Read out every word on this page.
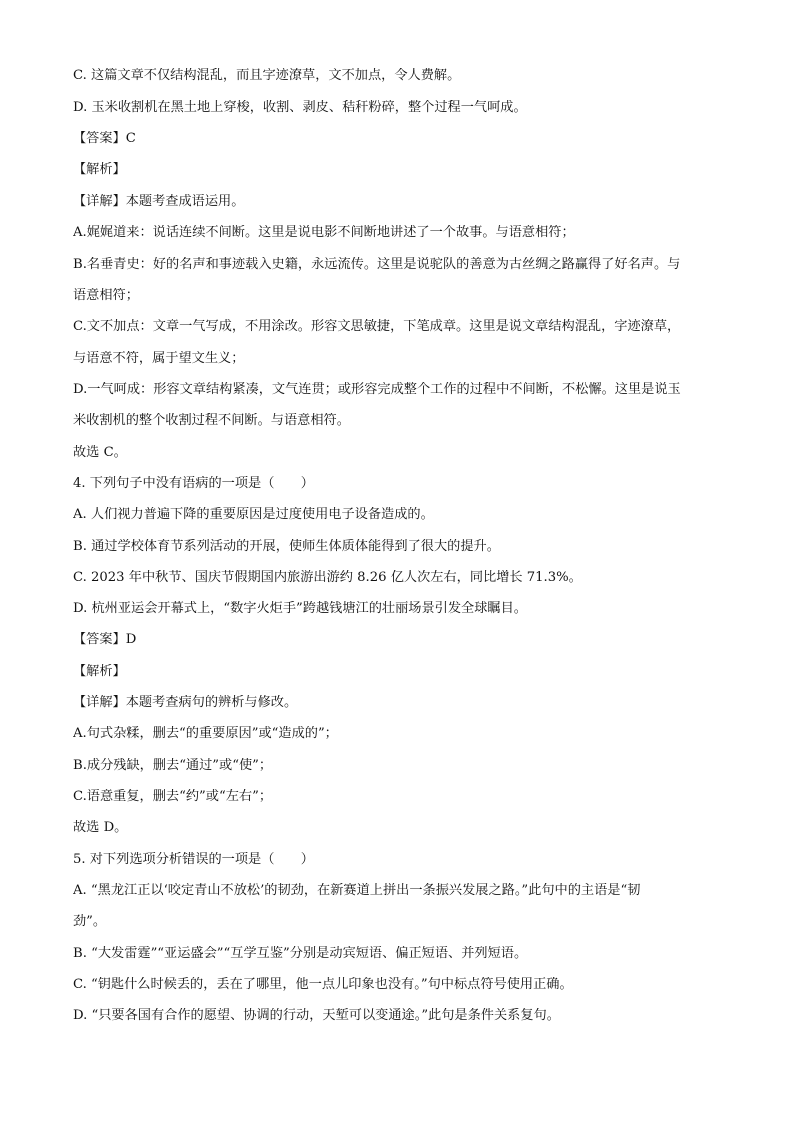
C. 这篇文章不仅结构混乱，而且字迹潦草，文不加点，令人费解。
D. 玉米收割机在黑土地上穿梭，收割、剥皮、秸秆粉碎，整个过程一气呵成。
【答案】C
【解析】
【详解】本题考查成语运用。
A.娓娓道来：说话连续不间断。这里是说电影不间断地讲述了一个故事。与语意相符；
B.名垂青史：好的名声和事迹载入史籍，永远流传。这里是说驼队的善意为古丝绸之路赢得了好名声。与
语意相符；
C.文不加点：文章一气写成，不用涂改。形容文思敏捷，下笔成章。这里是说文章结构混乱，字迹潦草，
与语意不符，属于望文生义；
D.一气呵成：形容文章结构紧凑，文气连贯；或形容完成整个工作的过程中不间断，不松懈。这里是说玉
米收割机的整个收割过程不间断。与语意相符。
故选 C。
4. 下列句子中没有语病的一项是（　　）
A. 人们视力普遍下降的重要原因是过度使用电子设备造成的。
B. 通过学校体育节系列活动的开展，使师生体质体能得到了很大的提升。
C. 2023 年中秋节、国庆节假期国内旅游出游约 8.26 亿人次左右，同比增长 71.3%。
D. 杭州亚运会开幕式上，“数字火炬手”跨越钱塘江的壮丽场景引发全球瞩目。
【答案】D
【解析】
【详解】本题考查病句的辨析与修改。
A.句式杂糅，删去“的重要原因”或“造成的”；
B.成分残缺，删去“通过”或“使”；
C.语意重复，删去“约”或“左右”；
故选 D。
5. 对下列选项分析错误的一项是（　　）
A. “黑龙江正以‘咬定青山不放松’的韧劲，在新赛道上拼出一条振兴发展之路。”此句中的主语是“韧
劲”。
B. “大发雷霆”“亚运盛会”“互学互鉴”分别是动宾短语、偏正短语、并列短语。
C. “钥匙什么时候丢的，丢在了哪里，他一点儿印象也没有。”句中标点符号使用正确。
D. “只要各国有合作的愿望、协调的行动，天堑可以变通途。”此句是条件关系复句。
